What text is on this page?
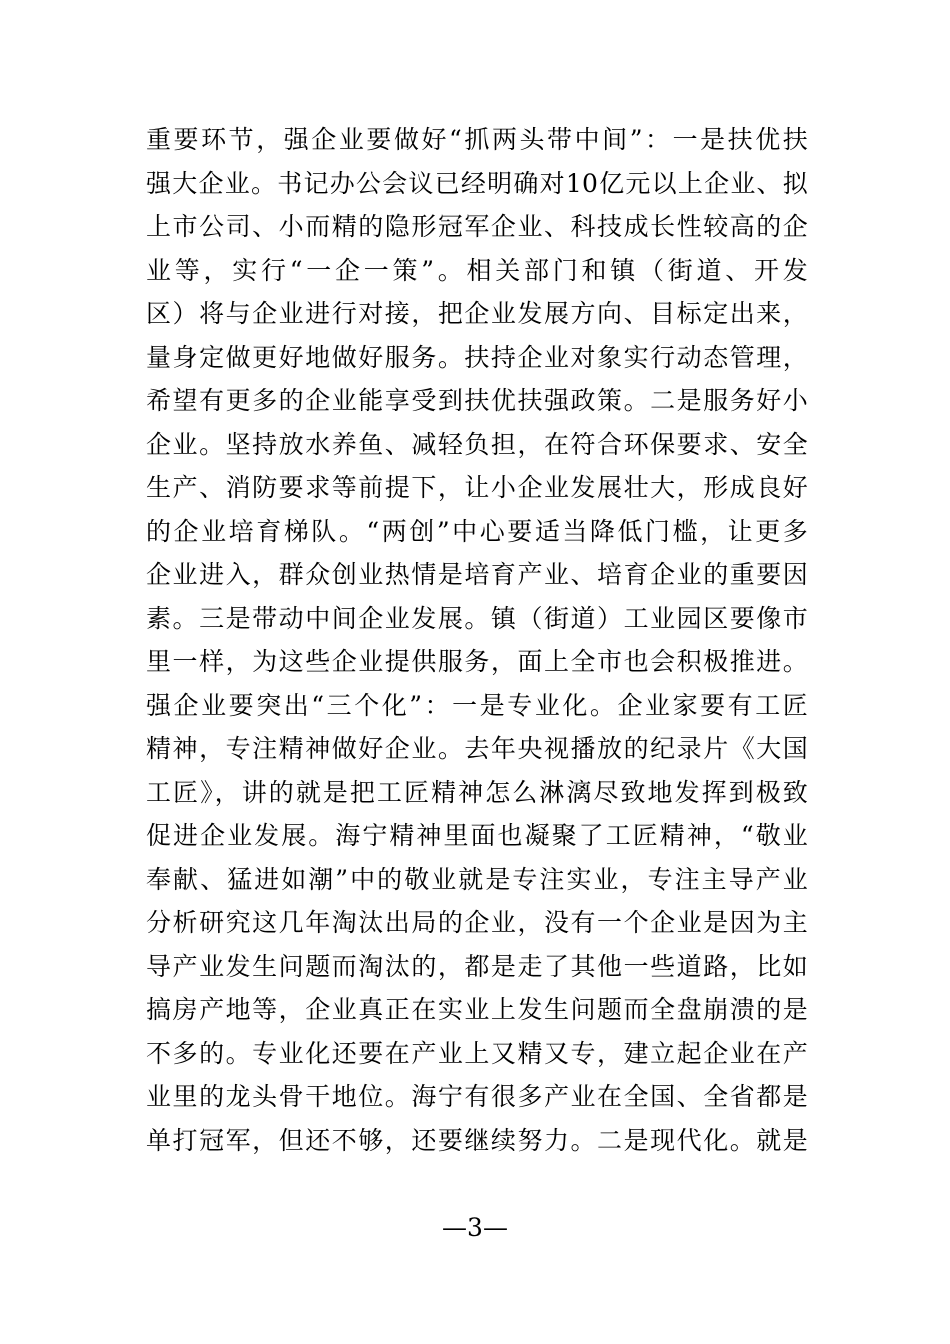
重要环节，强企业要做好“抓两头带中间”：一是扶优扶
强大企业。书记办公会议已经明确对10亿元以上企业、拟
上市公司、小而精的隐形冠军企业、科技成长性较高的企
业等，实行“一企一策”。相关部门和镇（街道、开发
区）将与企业进行对接，把企业发展方向、目标定出来，
量身定做更好地做好服务。扶持企业对象实行动态管理，
希望有更多的企业能享受到扶优扶强政策。二是服务好小
企业。坚持放水养鱼、减轻负担，在符合环保要求、安全
生产、消防要求等前提下，让小企业发展壮大，形成良好
的企业培育梯队。“两创”中心要适当降低门槛，让更多
企业进入，群众创业热情是培育产业、培育企业的重要因
素。三是带动中间企业发展。镇（街道）工业园区要像市
里一样，为这些企业提供服务，面上全市也会积极推进。
强企业要突出“三个化”：一是专业化。企业家要有工匠
精神，专注精神做好企业。去年央视播放的纪录片《大国
工匠》，讲的就是把工匠精神怎么淋漓尽致地发挥到极致
促进企业发展。海宁精神里面也凝聚了工匠精神，“敬业
奉献、猛进如潮”中的敬业就是专注实业，专注主导产业
分析研究这几年淘汰出局的企业，没有一个企业是因为主
导产业发生问题而淘汰的，都是走了其他一些道路，比如
搞房产地等，企业真正在实业上发生问题而全盘崩溃的是
不多的。专业化还要在产业上又精又专，建立起企业在产
业里的龙头骨干地位。海宁有很多产业在全国、全省都是
单打冠军，但还不够，还要继续努力。二是现代化。就是
—3—
